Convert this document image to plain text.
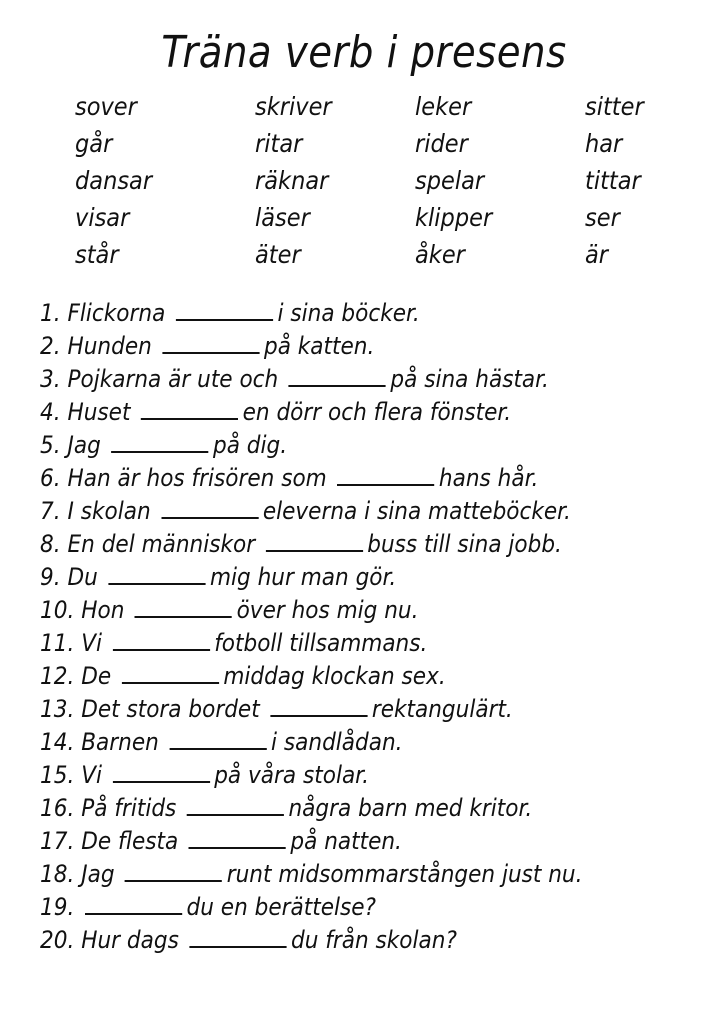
Träna verb i presens
sover	skriver	leker	sitter
går	ritar	rider	har
dansar	räknar	spelar	tittar
visar	läser	klipper	ser
står	äter	åker	är
1. Flickorna	i sina böcker.
2. Hunden	på katten.
3. Pojkarna är ute och	på sina hästar.
4. Huset	en dörr och flera fönster.
5. Jag	på dig.
6. Han är hos frisören som	hans hår.
7. I skolan	eleverna i sina matteböcker.
8. En del människor	buss till sina jobb.
9. Du	mig hur man gör.
10. Hon	över hos mig nu.
11. Vi	fotboll tillsammans.
12. De	middag klockan sex.
13. Det stora bordet	rektangulärt.
14. Barnen	i sandlådan.
15. Vi	på våra stolar.
16. På fritids	några barn med kritor.
17. De flesta	på natten.
18. Jag	runt midsommarstången just nu.
19.	du en berättelse?
20. Hur dags	du från skolan?
